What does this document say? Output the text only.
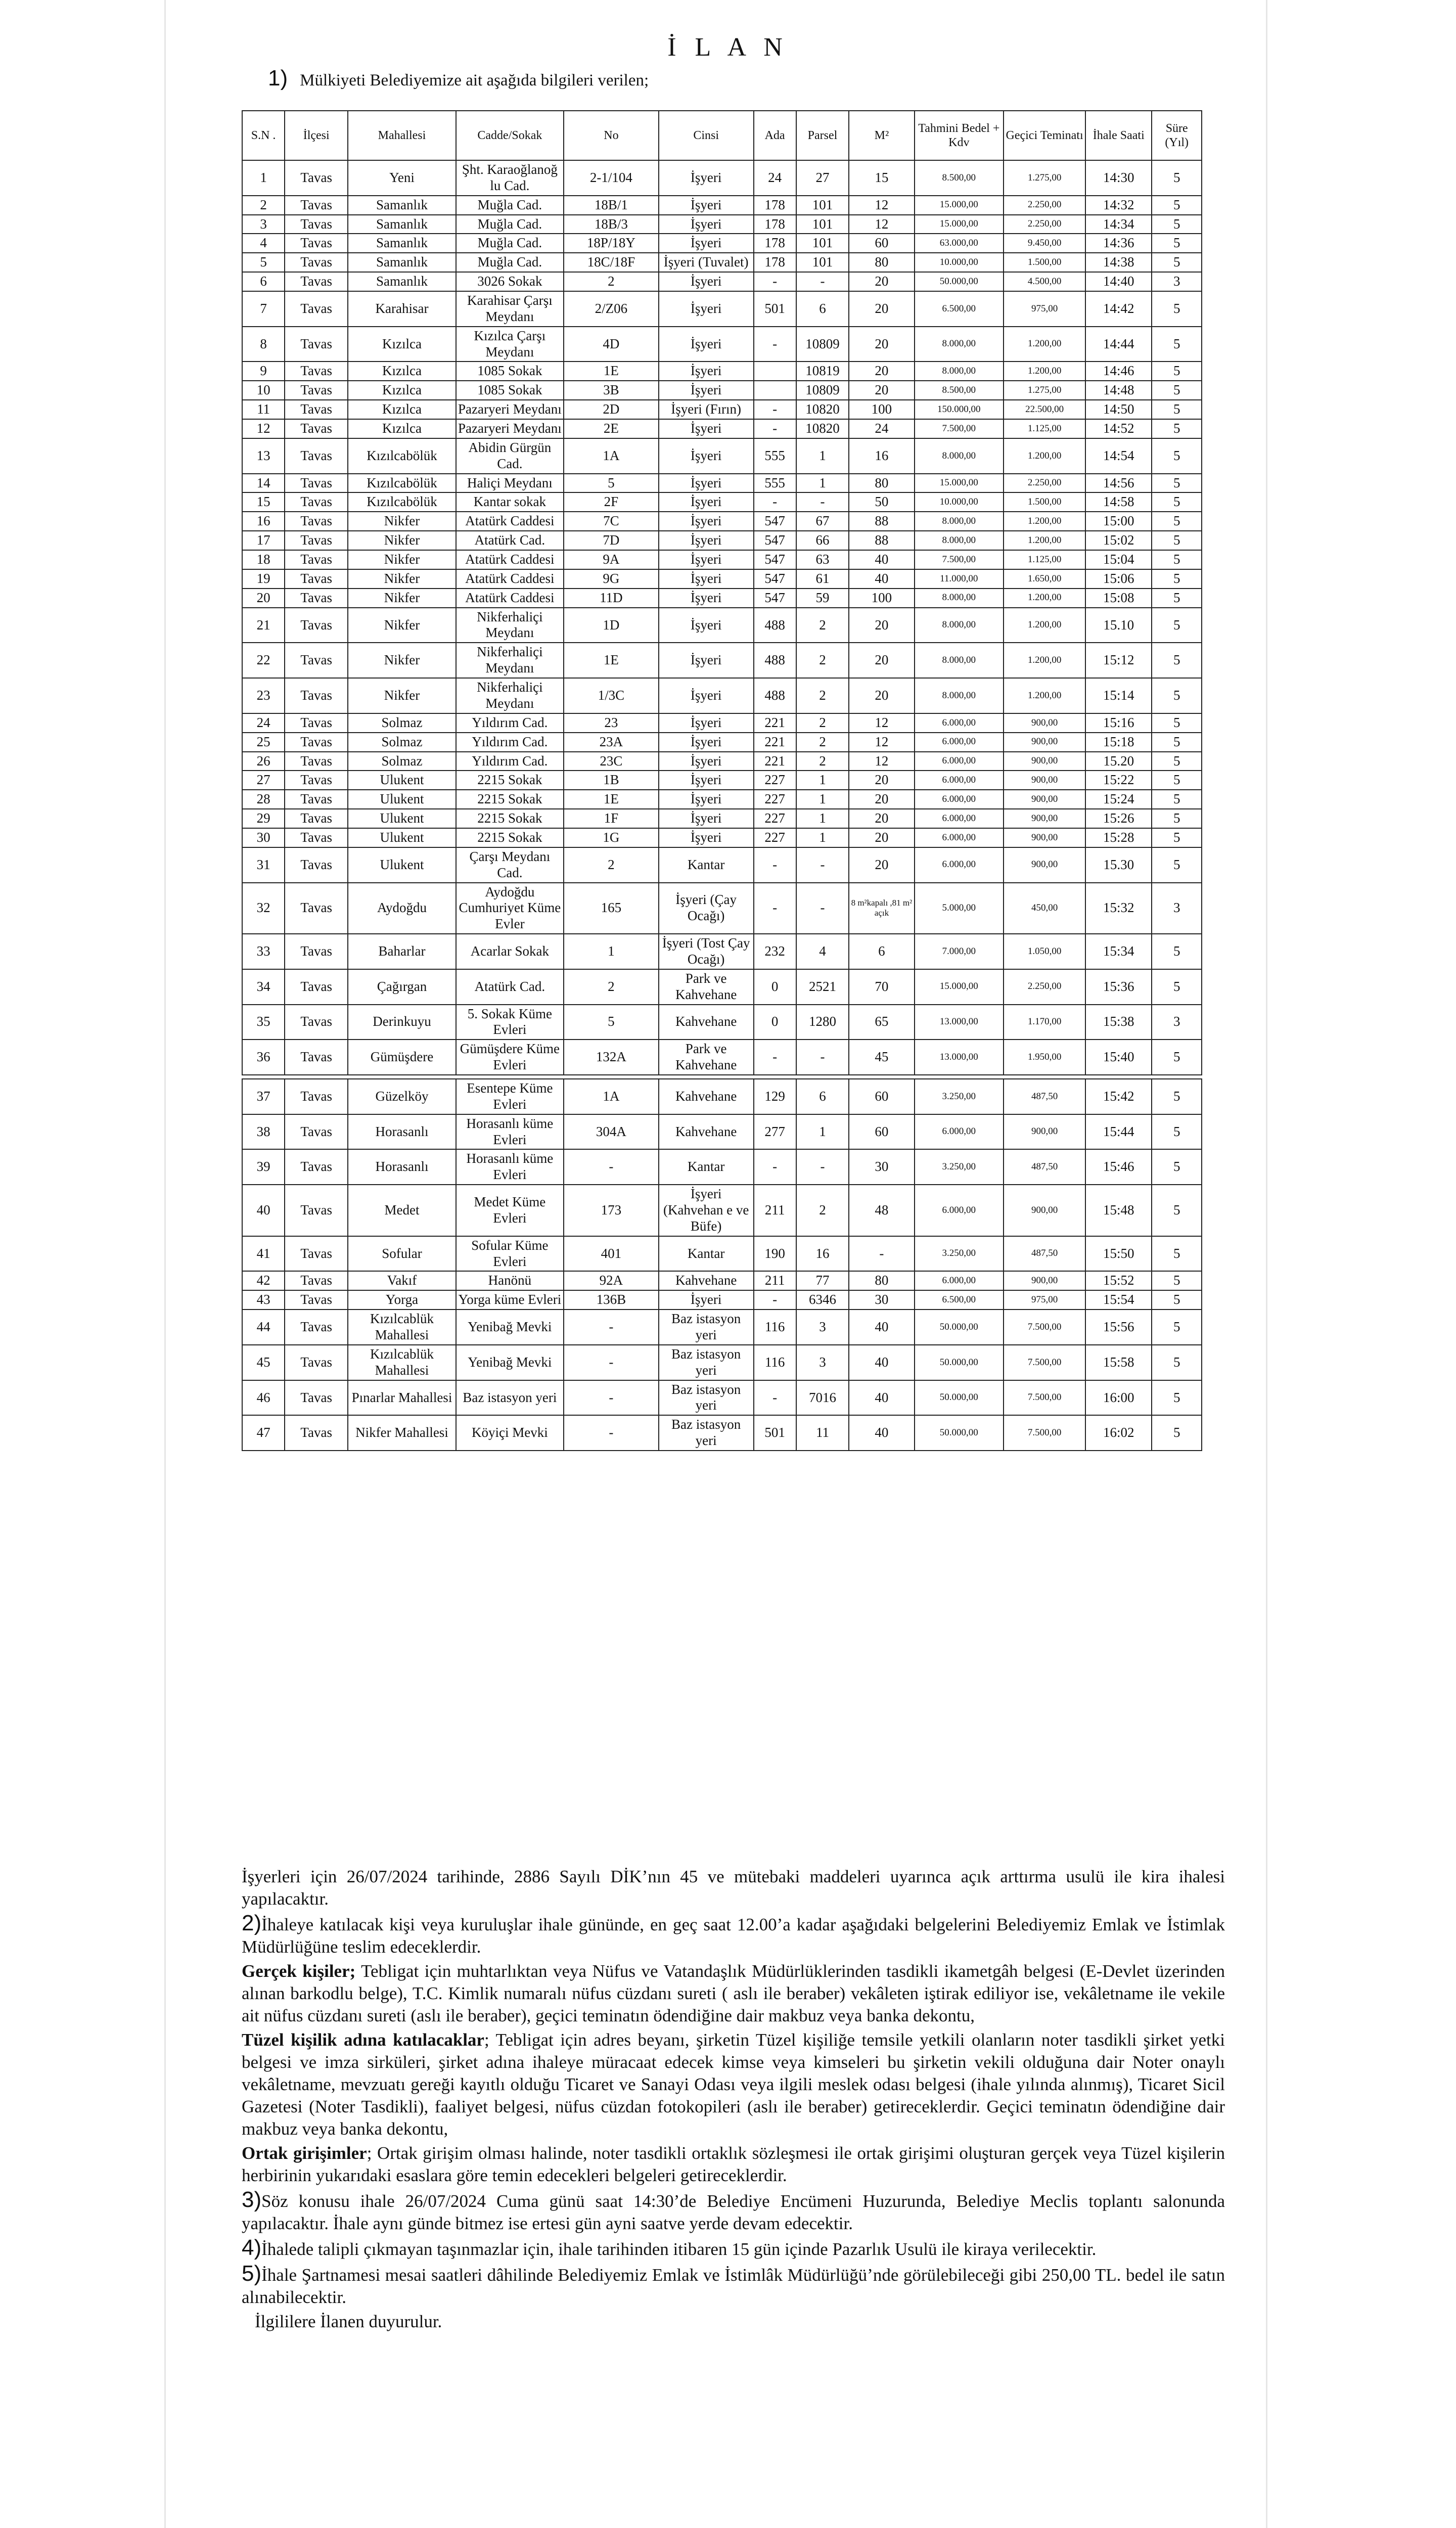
İ L A N
1) Mülkiyeti Belediyemize ait aşağıda bilgileri verilen;
S.N .	İlçesi	Mahallesi	Cadde/Sokak	No	Cinsi	Ada	Parsel	M²	Tahmini Bedel + Kdv	Geçici Teminatı	İhale Saati	Süre (Yıl)
1	Tavas	Yeni	Şht. Karaoğlanoğ lu Cad.	2-1/104	İşyeri	24	27	15	8.500,00	1.275,00	14:30	5
2	Tavas	Samanlık	Muğla Cad.	18B/1	İşyeri	178	101	12	15.000,00	2.250,00	14:32	5
3	Tavas	Samanlık	Muğla Cad.	18B/3	İşyeri	178	101	12	15.000,00	2.250,00	14:34	5
4	Tavas	Samanlık	Muğla Cad.	18P/18Y	İşyeri	178	101	60	63.000,00	9.450,00	14:36	5
5	Tavas	Samanlık	Muğla Cad.	18C/18F	İşyeri (Tuvalet)	178	101	80	10.000,00	1.500,00	14:38	5
6	Tavas	Samanlık	3026 Sokak	2	İşyeri	-	-	20	50.000,00	4.500,00	14:40	3
7	Tavas	Karahisar	Karahisar Çarşı Meydanı	2/Z06	İşyeri	501	6	20	6.500,00	975,00	14:42	5
8	Tavas	Kızılca	Kızılca Çarşı Meydanı	4D	İşyeri	-	10809	20	8.000,00	1.200,00	14:44	5
9	Tavas	Kızılca	1085 Sokak	1E	İşyeri		10819	20	8.000,00	1.200,00	14:46	5
10	Tavas	Kızılca	1085 Sokak	3B	İşyeri		10809	20	8.500,00	1.275,00	14:48	5
11	Tavas	Kızılca	Pazaryeri Meydanı	2D	İşyeri (Fırın)	-	10820	100	150.000,00	22.500,00	14:50	5
12	Tavas	Kızılca	Pazaryeri Meydanı	2E	İşyeri	-	10820	24	7.500,00	1.125,00	14:52	5
13	Tavas	Kızılcabölük	Abidin Gürgün Cad.	1A	İşyeri	555	1	16	8.000,00	1.200,00	14:54	5
14	Tavas	Kızılcabölük	Haliçi Meydanı	5	İşyeri	555	1	80	15.000,00	2.250,00	14:56	5
15	Tavas	Kızılcabölük	Kantar sokak	2F	İşyeri	-	-	50	10.000,00	1.500,00	14:58	5
16	Tavas	Nikfer	Atatürk Caddesi	7C	İşyeri	547	67	88	8.000,00	1.200,00	15:00	5
17	Tavas	Nikfer	Atatürk Cad.	7D	İşyeri	547	66	88	8.000,00	1.200,00	15:02	5
18	Tavas	Nikfer	Atatürk Caddesi	9A	İşyeri	547	63	40	7.500,00	1.125,00	15:04	5
19	Tavas	Nikfer	Atatürk Caddesi	9G	İşyeri	547	61	40	11.000,00	1.650,00	15:06	5
20	Tavas	Nikfer	Atatürk Caddesi	11D	İşyeri	547	59	100	8.000,00	1.200,00	15:08	5
21	Tavas	Nikfer	Nikferhaliçi Meydanı	1D	İşyeri	488	2	20	8.000,00	1.200,00	15.10	5
22	Tavas	Nikfer	Nikferhaliçi Meydanı	1E	İşyeri	488	2	20	8.000,00	1.200,00	15:12	5
23	Tavas	Nikfer	Nikferhaliçi Meydanı	1/3C	İşyeri	488	2	20	8.000,00	1.200,00	15:14	5
24	Tavas	Solmaz	Yıldırım Cad.	23	İşyeri	221	2	12	6.000,00	900,00	15:16	5
25	Tavas	Solmaz	Yıldırım Cad.	23A	İşyeri	221	2	12	6.000,00	900,00	15:18	5
26	Tavas	Solmaz	Yıldırım Cad.	23C	İşyeri	221	2	12	6.000,00	900,00	15.20	5
27	Tavas	Ulukent	2215 Sokak	1B	İşyeri	227	1	20	6.000,00	900,00	15:22	5
28	Tavas	Ulukent	2215 Sokak	1E	İşyeri	227	1	20	6.000,00	900,00	15:24	5
29	Tavas	Ulukent	2215 Sokak	1F	İşyeri	227	1	20	6.000,00	900,00	15:26	5
30	Tavas	Ulukent	2215 Sokak	1G	İşyeri	227	1	20	6.000,00	900,00	15:28	5
31	Tavas	Ulukent	Çarşı Meydanı Cad.	2	Kantar	-	-	20	6.000,00	900,00	15.30	5
32	Tavas	Aydoğdu	Aydoğdu Cumhuriyet Küme Evler	165	İşyeri (Çay Ocağı)	-	-	8 m²kapalı ,81 m² açık	5.000,00	450,00	15:32	3
33	Tavas	Baharlar	Acarlar Sokak	1	İşyeri (Tost Çay Ocağı)	232	4	6	7.000,00	1.050,00	15:34	5
34	Tavas	Çağırgan	Atatürk Cad.	2	Park ve Kahvehane	0	2521	70	15.000,00	2.250,00	15:36	5
35	Tavas	Derinkuyu	5. Sokak Küme Evleri	5	Kahvehane	0	1280	65	13.000,00	1.170,00	15:38	3
36	Tavas	Gümüşdere	Gümüşdere Küme Evleri	132A	Park ve Kahvehane	-	-	45	13.000,00	1.950,00	15:40	5

37	Tavas	Güzelköy	Esentepe Küme Evleri	1A	Kahvehane	129	6	60	3.250,00	487,50	15:42	5
38	Tavas	Horasanlı	Horasanlı küme Evleri	304A	Kahvehane	277	1	60	6.000,00	900,00	15:44	5
39	Tavas	Horasanlı	Horasanlı küme Evleri	-	Kantar	-	-	30	3.250,00	487,50	15:46	5
40	Tavas	Medet	Medet Küme Evleri	173	İşyeri (Kahvehan e ve Büfe)	211	2	48	6.000,00	900,00	15:48	5
41	Tavas	Sofular	Sofular Küme Evleri	401	Kantar	190	16	-	3.250,00	487,50	15:50	5
42	Tavas	Vakıf	Hanönü	92A	Kahvehane	211	77	80	6.000,00	900,00	15:52	5
43	Tavas	Yorga	Yorga küme Evleri	136B	İşyeri	-	6346	30	6.500,00	975,00	15:54	5
44	Tavas	Kızılcablük Mahallesi	Yenibağ Mevki	-	Baz istasyon yeri	116	3	40	50.000,00	7.500,00	15:56	5
45	Tavas	Kızılcablük Mahallesi	Yenibağ Mevki	-	Baz istasyon yeri	116	3	40	50.000,00	7.500,00	15:58	5
46	Tavas	Pınarlar Mahallesi	Baz istasyon yeri	-	Baz istasyon yeri	-	7016	40	50.000,00	7.500,00	16:00	5
47	Tavas	Nikfer Mahallesi	Köyiçi Mevki	-	Baz istasyon yeri	501	11	40	50.000,00	7.500,00	16:02	5

İşyerleri için 26/07/2024 tarihinde, 2886 Sayılı DİK’nın 45 ve mütebaki maddeleri uyarınca açık arttırma usulü ile kira ihalesi yapılacaktır.

2)İhaleye katılacak kişi veya kuruluşlar ihale gününde, en geç saat 12.00’a kadar aşağıdaki belgelerini Belediyemiz Emlak ve İstimlak Müdürlüğüne teslim edeceklerdir.

Gerçek kişiler; Tebligat için muhtarlıktan veya Nüfus ve Vatandaşlık Müdürlüklerinden tasdikli ikametgâh belgesi (E-Devlet üzerinden alınan barkodlu belge), T.C. Kimlik numaralı nüfus cüzdanı sureti ( aslı ile beraber) vekâleten iştirak ediliyor ise, vekâletname ile vekile ait nüfus cüzdanı sureti (aslı ile beraber), geçici teminatın ödendiğine dair makbuz veya banka dekontu,

Tüzel kişilik adına katılacaklar; Tebligat için adres beyanı, şirketin Tüzel kişiliğe temsile yetkili olanların noter tasdikli şirket yetki belgesi ve imza sirküleri, şirket adına ihaleye müracaat edecek kimse veya kimseleri bu şirketin vekili olduğuna dair Noter onaylı vekâletname, mevzuatı gereği kayıtlı olduğu Ticaret ve Sanayi Odası veya ilgili meslek odası belgesi (ihale yılında alınmış), Ticaret Sicil Gazetesi (Noter Tasdikli), faaliyet belgesi, nüfus cüzdan fotokopileri (aslı ile beraber) getireceklerdir. Geçici teminatın ödendiğine dair makbuz veya banka dekontu,

Ortak girişimler; Ortak girişim olması halinde, noter tasdikli ortaklık sözleşmesi ile ortak girişimi oluşturan gerçek veya Tüzel kişilerin herbirinin yukarıdaki esaslara göre temin edecekleri belgeleri getireceklerdir.

3)Söz konusu ihale 26/07/2024 Cuma günü saat 14:30’de Belediye Encümeni Huzurunda, Belediye Meclis toplantı salonunda yapılacaktır. İhale aynı günde bitmez ise ertesi gün ayni saatve yerde devam edecektir.

4)İhalede talipli çıkmayan taşınmazlar için, ihale tarihinden itibaren 15 gün içinde Pazarlık Usulü ile kiraya verilecektir.

5)İhale Şartnamesi mesai saatleri dâhilinde Belediyemiz Emlak ve İstimlâk Müdürlüğü’nde görülebileceği gibi 250,00 TL. bedel ile satın alınabilecektir.

İlgililere İlanen duyurulur.
